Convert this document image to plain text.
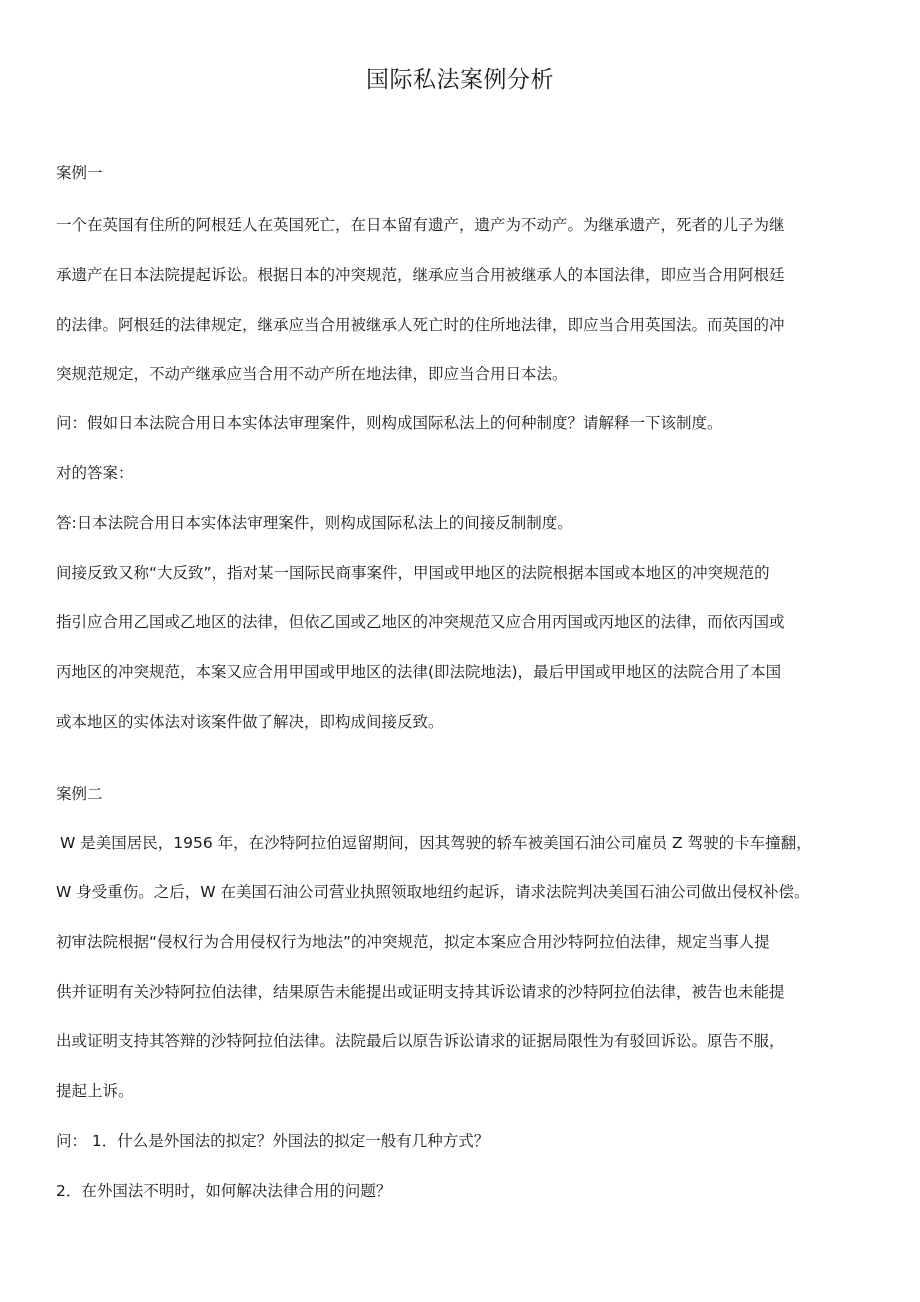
国际私法案例分析
案例一
一个在英国有住所的阿根廷人在英国死亡，在日本留有遗产，遗产为不动产。为继承遗产，死者的儿子为继
承遗产在日本法院提起诉讼。根据日本的冲突规范，继承应当合用被继承人的本国法律，即应当合用阿根廷
的法律。阿根廷的法律规定，继承应当合用被继承人死亡时的住所地法律，即应当合用英国法。而英国的冲
突规范规定，不动产继承应当合用不动产所在地法律，即应当合用日本法。
问：假如日本法院合用日本实体法审理案件，则构成国际私法上的何种制度？请解释一下该制度。
对的答案：
答:日本法院合用日本实体法审理案件，则构成国际私法上的间接反制制度。
间接反致又称“大反致”，指对某一国际民商事案件，甲国或甲地区的法院根据本国或本地区的冲突规范的
指引应合用乙国或乙地区的法律，但依乙国或乙地区的冲突规范又应合用丙国或丙地区的法律，而依丙国或
丙地区的冲突规范，本案又应合用甲国或甲地区的法律(即法院地法)，最后甲国或甲地区的法院合用了本国
或本地区的实体法对该案件做了解决，即构成间接反致。
案例二
W 是美国居民，1956 年，在沙特阿拉伯逗留期间，因其驾驶的轿车被美国石油公司雇员 Z 驾驶的卡车撞翻，
W 身受重伤。之后，W 在美国石油公司营业执照领取地纽约起诉，请求法院判决美国石油公司做出侵权补偿。
初审法院根据“侵权行为合用侵权行为地法”的冲突规范，拟定本案应合用沙特阿拉伯法律，规定当事人提
供并证明有关沙特阿拉伯法律，结果原告未能提出或证明支持其诉讼请求的沙特阿拉伯法律，被告也未能提
出或证明支持其答辩的沙特阿拉伯法律。法院最后以原告诉讼请求的证据局限性为有驳回诉讼。原告不服，
提起上诉。
问： 1．什么是外国法的拟定？外国法的拟定一般有几种方式？
2．在外国法不明时，如何解决法律合用的问题？
